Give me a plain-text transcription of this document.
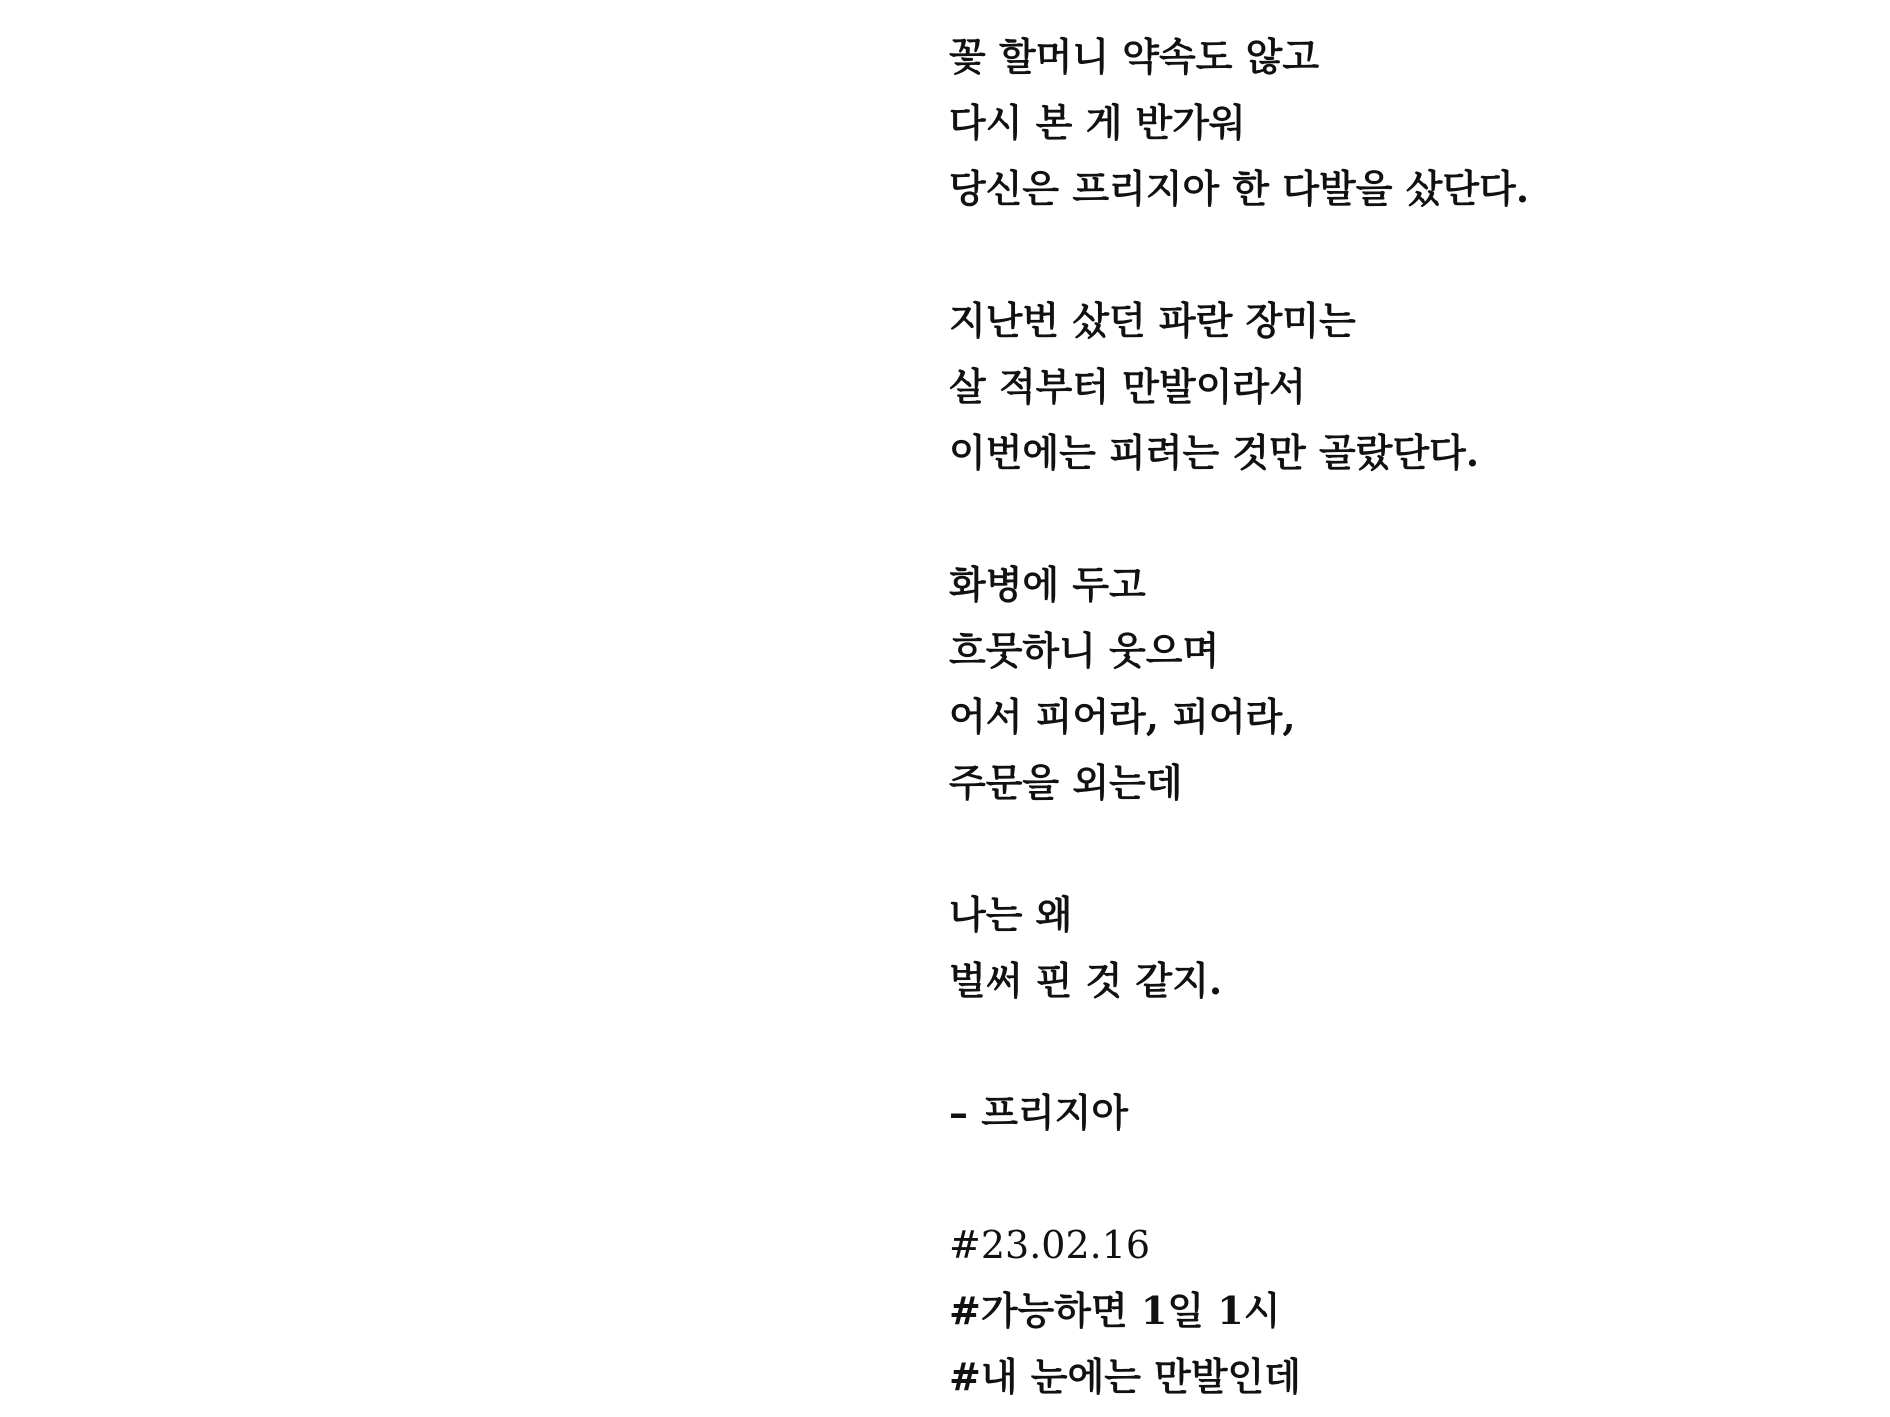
꽃 할머니 약속도 않고
다시 본 게 반가워
당신은 프리지아 한 다발을 샀단다.
지난번 샀던 파란 장미는
살 적부터 만발이라서
이번에는 피려는 것만 골랐단다.
화병에 두고
흐뭇하니 웃으며
어서 피어라, 피어라,
주문을 외는데
나는 왜
벌써 핀 것 같지.
– 프리지아
#23.02.16
#가능하면 1일 1시
#내 눈에는 만발인데
